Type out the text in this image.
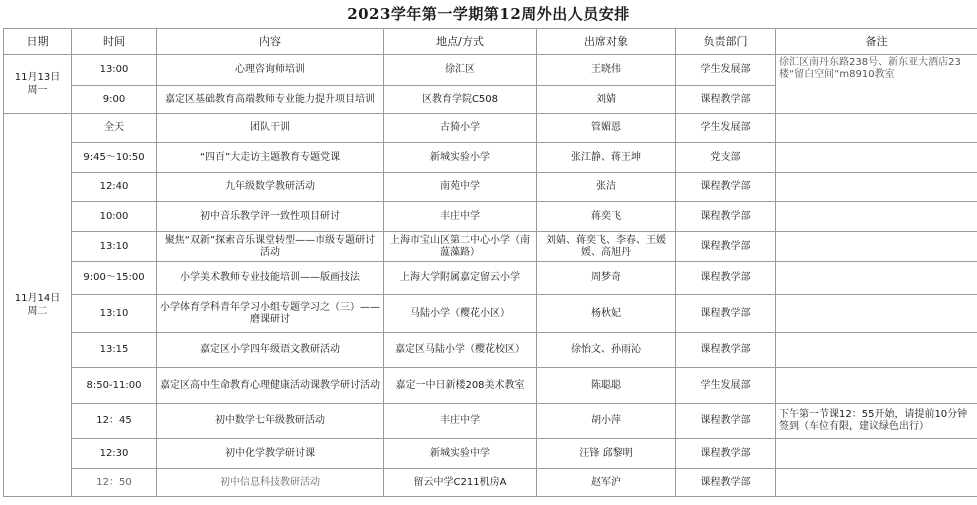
2023学年第一学期第12周外出人员安排
日期	时间	内容	地点/方式	出席对象	负责部门	备注

11月13日
周一	13:00	心理咨询师培训	徐汇区	王晓伟	学生发展部	徐汇区南丹东路238号、新东亚大酒店23楼“留白空间”m8910教室
	9:00	嘉定区基础教育高端教师专业能力提升项目培训	区教育学院C508	刘婧	课程教学部	

11月14日
周二	全天	团队干训	古猗小学	管媚恩	学生发展部	
	9:45～10:50	“四百”大走访主题教育专题党课	新城实验小学	张江静、蒋王坤	党支部	
	12:40	九年级数学教研活动	南苑中学	张洁	课程教学部	
	10:00	初中音乐教学评一致性项目研讨	丰庄中学	蒋奕飞	课程教学部	
	13:10	聚焦“双新”探索音乐课堂转型——市级专题研讨活动	上海市宝山区第二中心小学（南蕰藻路）	刘婧、蒋奕飞、李春、王媛媛、高旭丹	课程教学部	
	9:00～15:00	小学美术教师专业技能培训——版画技法	上海大学附属嘉定留云小学	周梦奇	课程教学部	
	13:10	小学体育学科青年学习小组专题学习之（三）——磨课研讨	马陆小学（樱花小区）	杨秋妃	课程教学部	
	13:15	嘉定区小学四年级语文教研活动	嘉定区马陆小学（樱花校区）	徐怡文、孙雨沁	课程教学部	
	8:50-11:00	嘉定区高中生命教育心理健康活动课教学研讨活动	嘉定一中日新楼208美术教室	陈聪聪	学生发展部	
	12：45	初中数学七年级教研活动	丰庄中学	胡小萍	课程教学部	下午第一节课12：55开始，请提前10分钟签到（车位有限，建议绿色出行）
	12:30	初中化学教学研讨课	新城实验中学	汪锋 邱黎明	课程教学部	
	12：50	初中信息科技教研活动	留云中学C211机房A	赵军沪	课程教学部	
